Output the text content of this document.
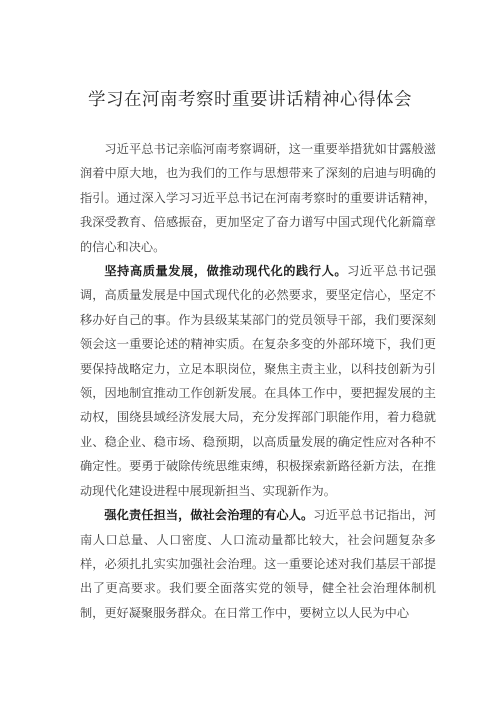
学习在河南考察时重要讲话精神心得体会

习近平总书记亲临河南考察调研，这一重要举措犹如甘露般滋润着中原大地，也为我们的工作与思想带来了深刻的启迪与明确的指引。通过深入学习习近平总书记在河南考察时的重要讲话精神，我深受教育、倍感振奋，更加坚定了奋力谱写中国式现代化新篇章的信心和决心。

坚持高质量发展，做推动现代化的践行人。习近平总书记强调，高质量发展是中国式现代化的必然要求，要坚定信心，坚定不移办好自己的事。作为县级某某部门的党员领导干部，我们要深刻领会这一重要论述的精神实质。在复杂多变的外部环境下，我们更要保持战略定力，立足本职岗位，聚焦主责主业，以科技创新为引领，因地制宜推动工作创新发展。在具体工作中，要把握发展的主动权，围绕县域经济发展大局，充分发挥部门职能作用，着力稳就业、稳企业、稳市场、稳预期，以高质量发展的确定性应对各种不确定性。要勇于破除传统思维束缚，积极探索新路径新方法，在推动现代化建设进程中展现新担当、实现新作为。

强化责任担当，做社会治理的有心人。习近平总书记指出，河南人口总量、人口密度、人口流动量都比较大，社会问题复杂多样，必须扎扎实实加强社会治理。这一重要论述对我们基层干部提出了更高要求。我们要全面落实党的领导，健全社会治理体制机制，更好凝聚服务群众。在日常工作中，要树立以人民为中心
